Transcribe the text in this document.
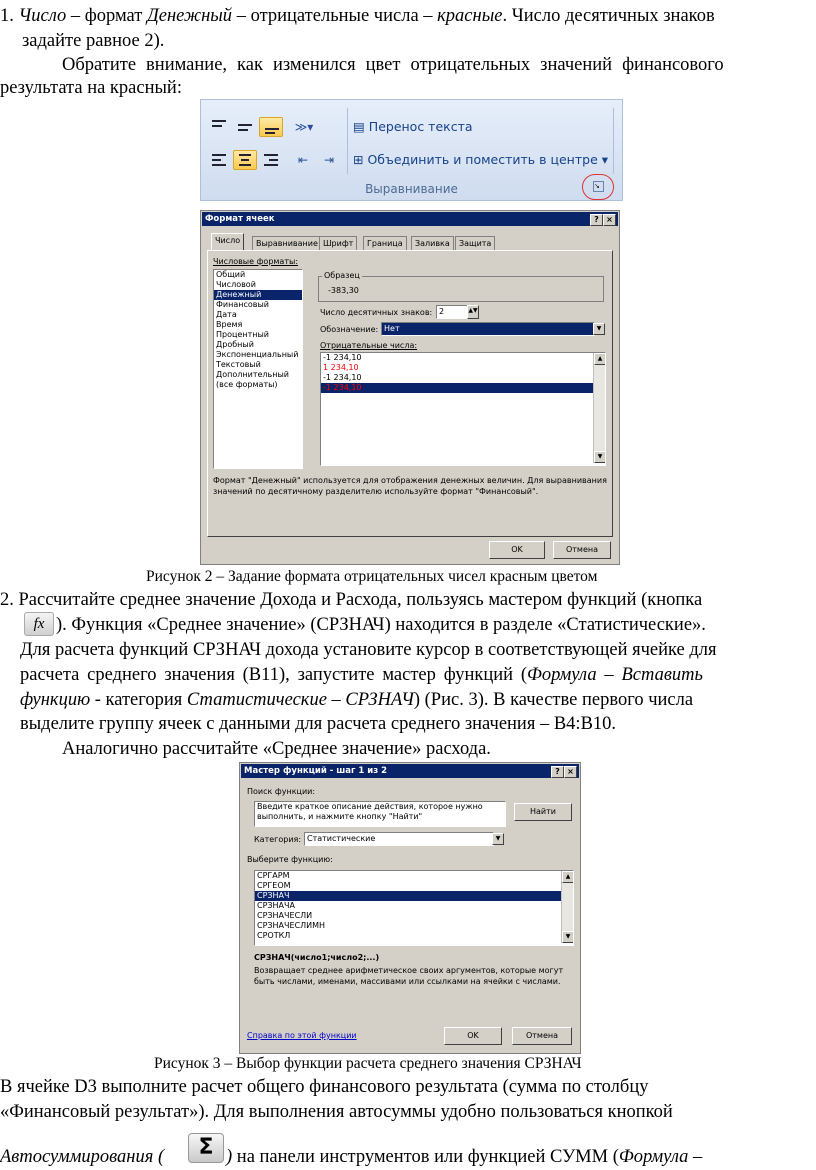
1. Число – формат Денежный – отрицательные числа – красные. Число десятичных знаков
задайте равное 2).
Обратите внимание, как изменился цвет отрицательных значений финансового
результата на красный:
≫▾
⇤	⇥
▤ Перенос текста
⊞ Объединить и поместить в центре ▾
Выравнивание	↘
Формат ячеек	? ×
Число	Выравнивание Шрифт	Граница	Заливка	Защита
Числовые форматы:
Общий
Числовой
Денежный
Финансовый
Дата
Время
Процентный
Дробный
Экспоненциальный
Текстовый
Дополнительный
(все форматы)
Образец
-383,30
Число десятичных знаков: 2	▲▼
Обозначение: Нет	▼
Отрицательные числа:
-1 234,10
1 234,10
-1 234,10
-1 234,10
▲
▼
Формат "Денежный" используется для отображения денежных величин. Для выравнивания
значений по десятичному разделителю используйте формат "Финансовый".
OK	Отмена
Рисунок 2 – Задание формата отрицательных чисел красным цветом
2. Рассчитайте среднее значение Дохода и Расхода, пользуясь мастером функций (кнопка
fx ). Функция «Среднее значение» (СРЗНАЧ) находится в разделе «Статистические».
Для расчета функций СРЗНАЧ дохода установите курсор в соответствующей ячейке для
расчета среднего значения (В11), запустите мастер функций (Формула – Вставить
функцию - категория Статистические – СРЗНАЧ) (Рис. 3). В качестве первого числа
выделите группу ячеек с данными для расчета среднего значения – В4:В10.
Аналогично рассчитайте «Среднее значение» расхода.
Мастер функций - шаг 1 из 2	? ×
Поиск функции:
Введите краткое описание действия, которое нужно
выполнить, и нажмите кнопку "Найти"
Найти
Категория: Статистические	▼
Выберите функцию:
СРГАРМ
СРГЕОМ
СРЗНАЧ
СРЗНАЧА
СРЗНАЧЕСЛИ
СРЗНАЧЕСЛИМН
СРОТКЛ
▲
▼
СРЗНАЧ(число1;число2;...)
Возвращает среднее арифметическое своих аргументов, которые могут
быть числами, именами, массивами или ссылками на ячейки с числами.
Справка по этой функции	OK	Отмена
Рисунок 3 – Выбор функции расчета среднего значения СРЗНАЧ
В ячейке D3 выполните расчет общего финансового результата (сумма по столбцу
«Финансовый результат»). Для выполнения автосуммы удобно пользоваться кнопкой
Автосуммирования (	Σ ) на панели инструментов или функцией СУММ (Формула –
